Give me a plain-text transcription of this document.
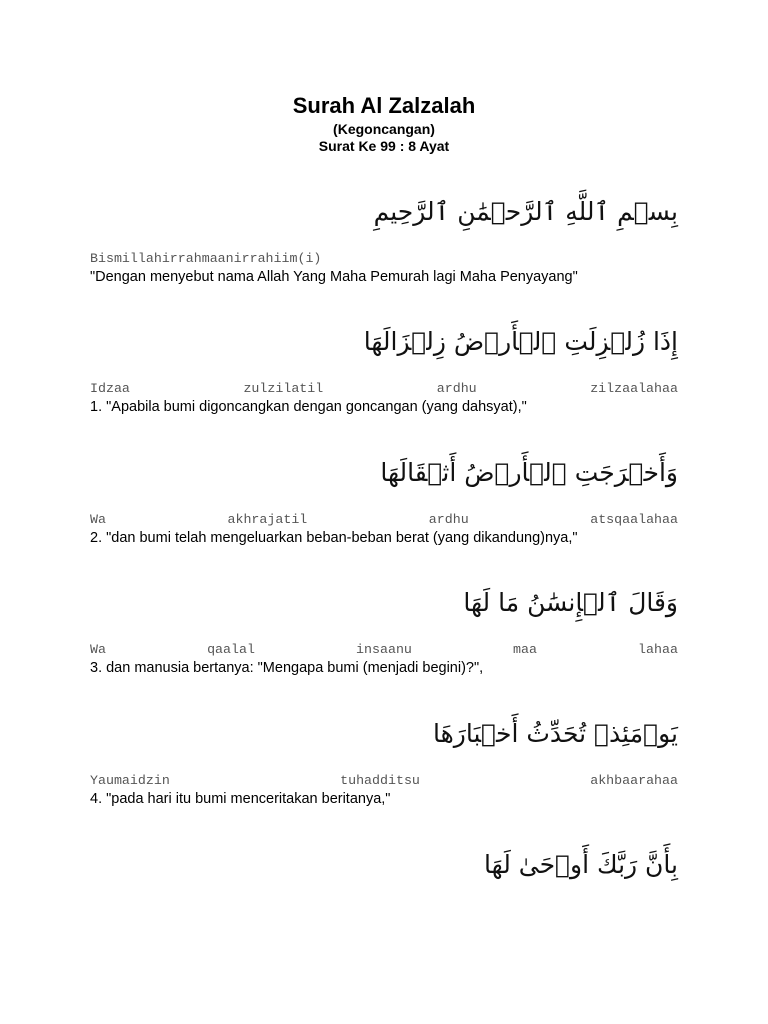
Surah Al Zalzalah
(Kegoncangan)
Surat Ke 99 : 8 Ayat
بِسۡمِ ٱللَّهِ ٱلرَّحۡمَٰنِ ٱلرَّحِيمِ
Bismillahirrahmaanirrahiim(i)
"Dengan menyebut nama Allah Yang Maha Pemurah lagi Maha Penyayang"
إِذَا زُلۡزِلَتِ ٱلۡأَرۡضُ زِلۡزَالَهَا
Idzaa	zulzilatil	ardhu	zilzaalahaa
1. "Apabila bumi digoncangkan dengan goncangan (yang dahsyat),"
وَأَخۡرَجَتِ ٱلۡأَرۡضُ أَثۡقَالَهَا
Wa	akhrajatil	ardhu	atsqaalahaa
2. "dan bumi telah mengeluarkan beban-beban berat (yang dikandung)nya,"
وَقَالَ ٱلۡإِنسَٰنُ مَا لَهَا
Wa	qaalal	insaanu	maa	lahaa
3. dan manusia bertanya: "Mengapa bumi (menjadi begini)?",
يَوۡمَئِذٖ تُحَدِّثُ أَخۡبَارَهَا
Yaumaidzin	tuhadditsu	akhbaarahaa
4. "pada hari itu bumi menceritakan beritanya,"
بِأَنَّ رَبَّكَ أَوۡحَىٰ لَهَا
